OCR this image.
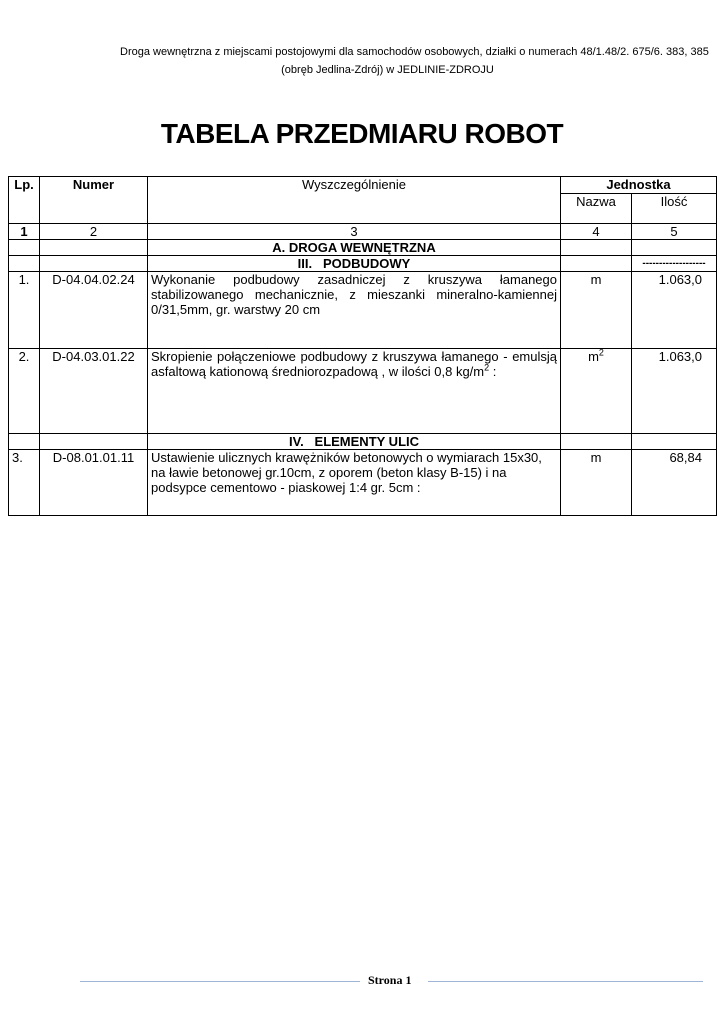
Droga wewnętrzna z miejscami postojowymi dla samochodów osobowych, działki o numerach 48/1.48/2. 675/6. 383, 385
(obręb Jedlina-Zdrój) w JEDLINIE-ZDROJU
TABELA PRZEDMIARU ROBOT
Lp.	Numer	Wyszczególnienie	Jednostka	
			Nazwa	Ilość
1	2	3	4	5
		A. DROGA WEWNĘTRZNA		
		III.   PODBUDOWY		-------------------
1.	D-04.04.02.24	Wykonanie podbudowy zasadniczej z kruszywa łamanego stabilizowanego mechanicznie, z mieszanki mineralno-kamiennej 0/31,5mm, gr. warstwy 20 cm	m	1.063,0
2.	D-04.03.01.22	Skropienie połączeniowe podbudowy z kruszywa łamanego - emulsją asfaltową kationową średniorozpadową , w ilości 0,8 $kg/m^2$ :	$m^2$	1.063,0
		IV.   ELEMENTY ULIC		
3.	D-08.01.01.11	Ustawienie ulicznych krawężników betonowych o wymiarach 15x30, na ławie betonowej gr.10cm, z oporem (beton klasy B-15) i na podsypce cementowo - piaskowej 1:4 gr. 5cm :	m	68,84
Strona 1
